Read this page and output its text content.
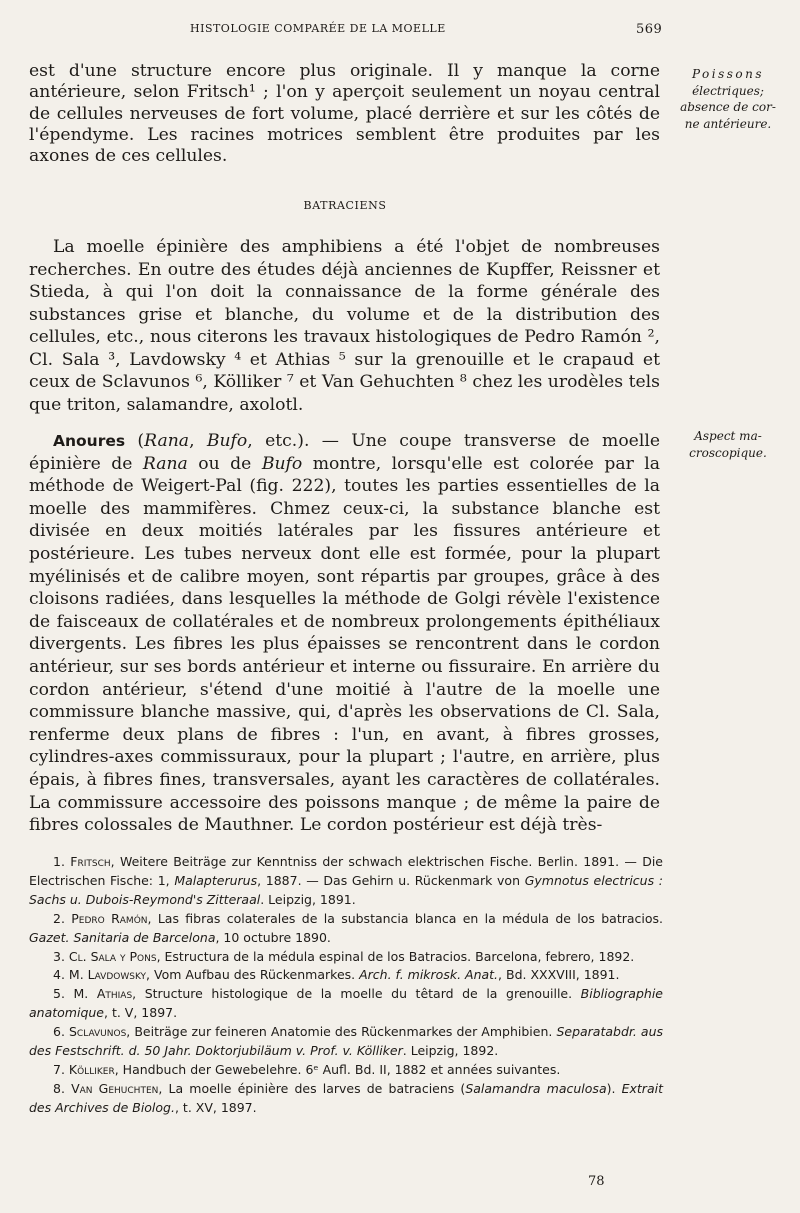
HISTOLOGIE COMPARÉE DE LA MOELLE	569

est d'une structure encore plus originale. Il y manque la corne antérieure, selon Fritsch¹ ; l'on y aperçoit seulement un noyau central de cellules nerveuses de fort volume, placé derrière et sur les côtés de l'épendyme. Les racines motrices semblent être produites par les axones de ces cellules.

Poissons
électriques;
absence de cor-
ne antérieure.
BATRACIENS

La moelle épinière des amphibiens a été l'objet de nombreuses recherches. En outre des études déjà anciennes de Kupffer, Reissner et Stieda, à qui l'on doit la connaissance de la forme générale des substances grise et blanche, du volume et de la distribution des cellules, etc., nous citerons les travaux histologiques de Pedro Ramón ², Cl. Sala ³, Lavdowsky ⁴ et Athias ⁵ sur la grenouille et le crapaud et ceux de Sclavunos ⁶, Kölliker ⁷ et Van Gehuchten ⁸ chez les urodèles tels que triton, salamandre, axolotl.

Anoures (Rana, Bufo, etc.). — Une coupe transverse de moelle épinière de Rana ou de Bufo montre, lorsqu'elle est colorée par la méthode de Weigert-Pal (fig. 222), toutes les parties essentielles de la moelle des mammifères. Chmez ceux-ci, la substance blanche est divisée en deux moitiés latérales par les fissures antérieure et postérieure. Les tubes nerveux dont elle est formée, pour la plupart myélinisés et de calibre moyen, sont répartis par groupes, grâce à des cloisons radiées, dans lesquelles la méthode de Golgi révèle l'existence de faisceaux de collatérales et de nombreux prolongements épithéliaux divergents. Les fibres les plus épaisses se rencontrent dans le cordon antérieur, sur ses bords antérieur et interne ou fissuraire. En arrière du cordon antérieur, s'étend d'une moitié à l'autre de la moelle une commissure blanche massive, qui, d'après les observations de Cl. Sala, renferme deux plans de fibres : l'un, en avant, à fibres grosses, cylindres-axes commissuraux, pour la plupart ; l'autre, en arrière, plus épais, à fibres fines, transversales, ayant les caractères de collatérales. La commissure accessoire des poissons manque ; de même la paire de fibres colossales de Mauthner. Le cordon postérieur est déjà très-

Aspect ma-
croscopique.

1. Fritsch, Weitere Beiträge zur Kenntniss der schwach elektrischen Fische. Berlin. 1891. — Die Electrischen Fische: 1, Malapterurus, 1887. — Das Gehirn u. Rückenmark von Gymnotus electricus : Sachs u. Dubois-Reymond's Zitteraal. Leipzig, 1891.

2. Pedro Ramón, Las fibras colaterales de la substancia blanca en la médula de los batracios. Gazet. Sanitaria de Barcelona, 10 octubre 1890.

3. Cl. Sala y Pons, Estructura de la médula espinal de los Batracios. Barcelona, febrero, 1892.

4. M. Lavdowsky, Vom Aufbau des Rückenmarkes. Arch. f. mikrosk. Anat., Bd. XXXVIII, 1891.

5. M. Athias, Structure histologique de la moelle du têtard de la grenouille. Bibliographie anatomique, t. V, 1897.

6. Sclavunos, Beiträge zur feineren Anatomie des Rückenmarkes der Amphibien. Separatabdr. aus des Festschrift. d. 50 Jahr. Doktorjubiläum v. Prof. v. Kölliker. Leipzig, 1892.

7. Kölliker, Handbuch der Gewebelehre. 6ᵉ Aufl. Bd. II, 1882 et années suivantes.

8. Van Gehuchten, La moelle épinière des larves de batraciens (Salamandra maculosa). Extrait des Archives de Biolog., t. XV, 1897.

78
